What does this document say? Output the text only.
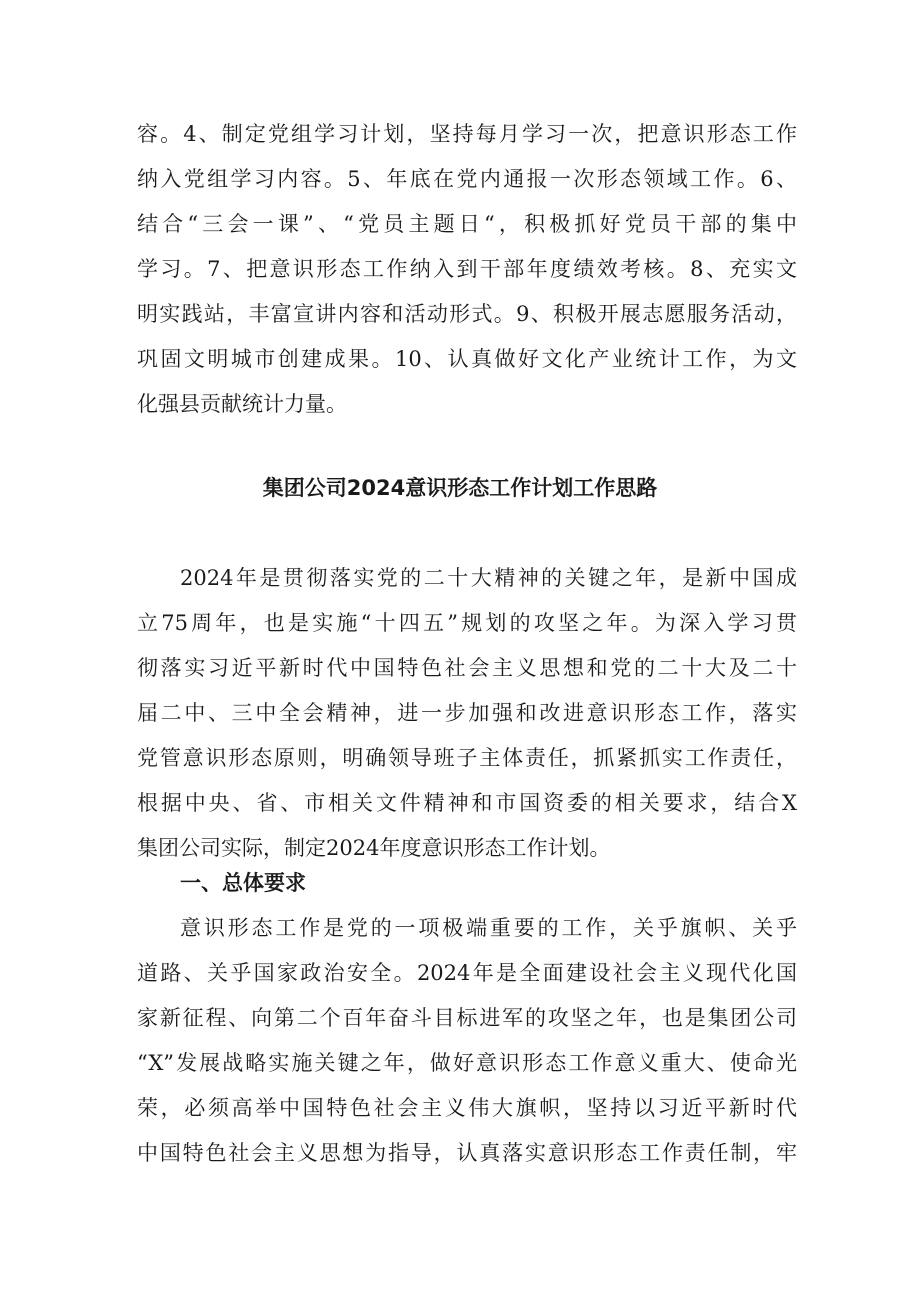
容。4、制定党组学习计划，坚持每月学习一次，把意识形态工作
纳入党组学习内容。5、年底在党内通报一次形态领域工作。6、
结合“三会一课”、“党员主题日“，积极抓好党员干部的集中
学习。7、把意识形态工作纳入到干部年度绩效考核。8、充实文
明实践站，丰富宣讲内容和活动形式。9、积极开展志愿服务活动，
巩固文明城市创建成果。10、认真做好文化产业统计工作，为文
化强县贡献统计力量。
集团公司2024意识形态工作计划工作思路
2024年是贯彻落实党的二十大精神的关键之年，是新中国成
立75周年，也是实施“十四五”规划的攻坚之年。为深入学习贯
彻落实习近平新时代中国特色社会主义思想和党的二十大及二十
届二中、三中全会精神，进一步加强和改进意识形态工作，落实
党管意识形态原则，明确领导班子主体责任，抓紧抓实工作责任，
根据中央、省、市相关文件精神和市国资委的相关要求，结合X
集团公司实际，制定2024年度意识形态工作计划。
一、总体要求
意识形态工作是党的一项极端重要的工作，关乎旗帜、关乎
道路、关乎国家政治安全。2024年是全面建设社会主义现代化国
家新征程、向第二个百年奋斗目标进军的攻坚之年，也是集团公司
“X”发展战略实施关键之年，做好意识形态工作意义重大、使命光
荣，必须高举中国特色社会主义伟大旗帜，坚持以习近平新时代
中国特色社会主义思想为指导，认真落实意识形态工作责任制，牢
